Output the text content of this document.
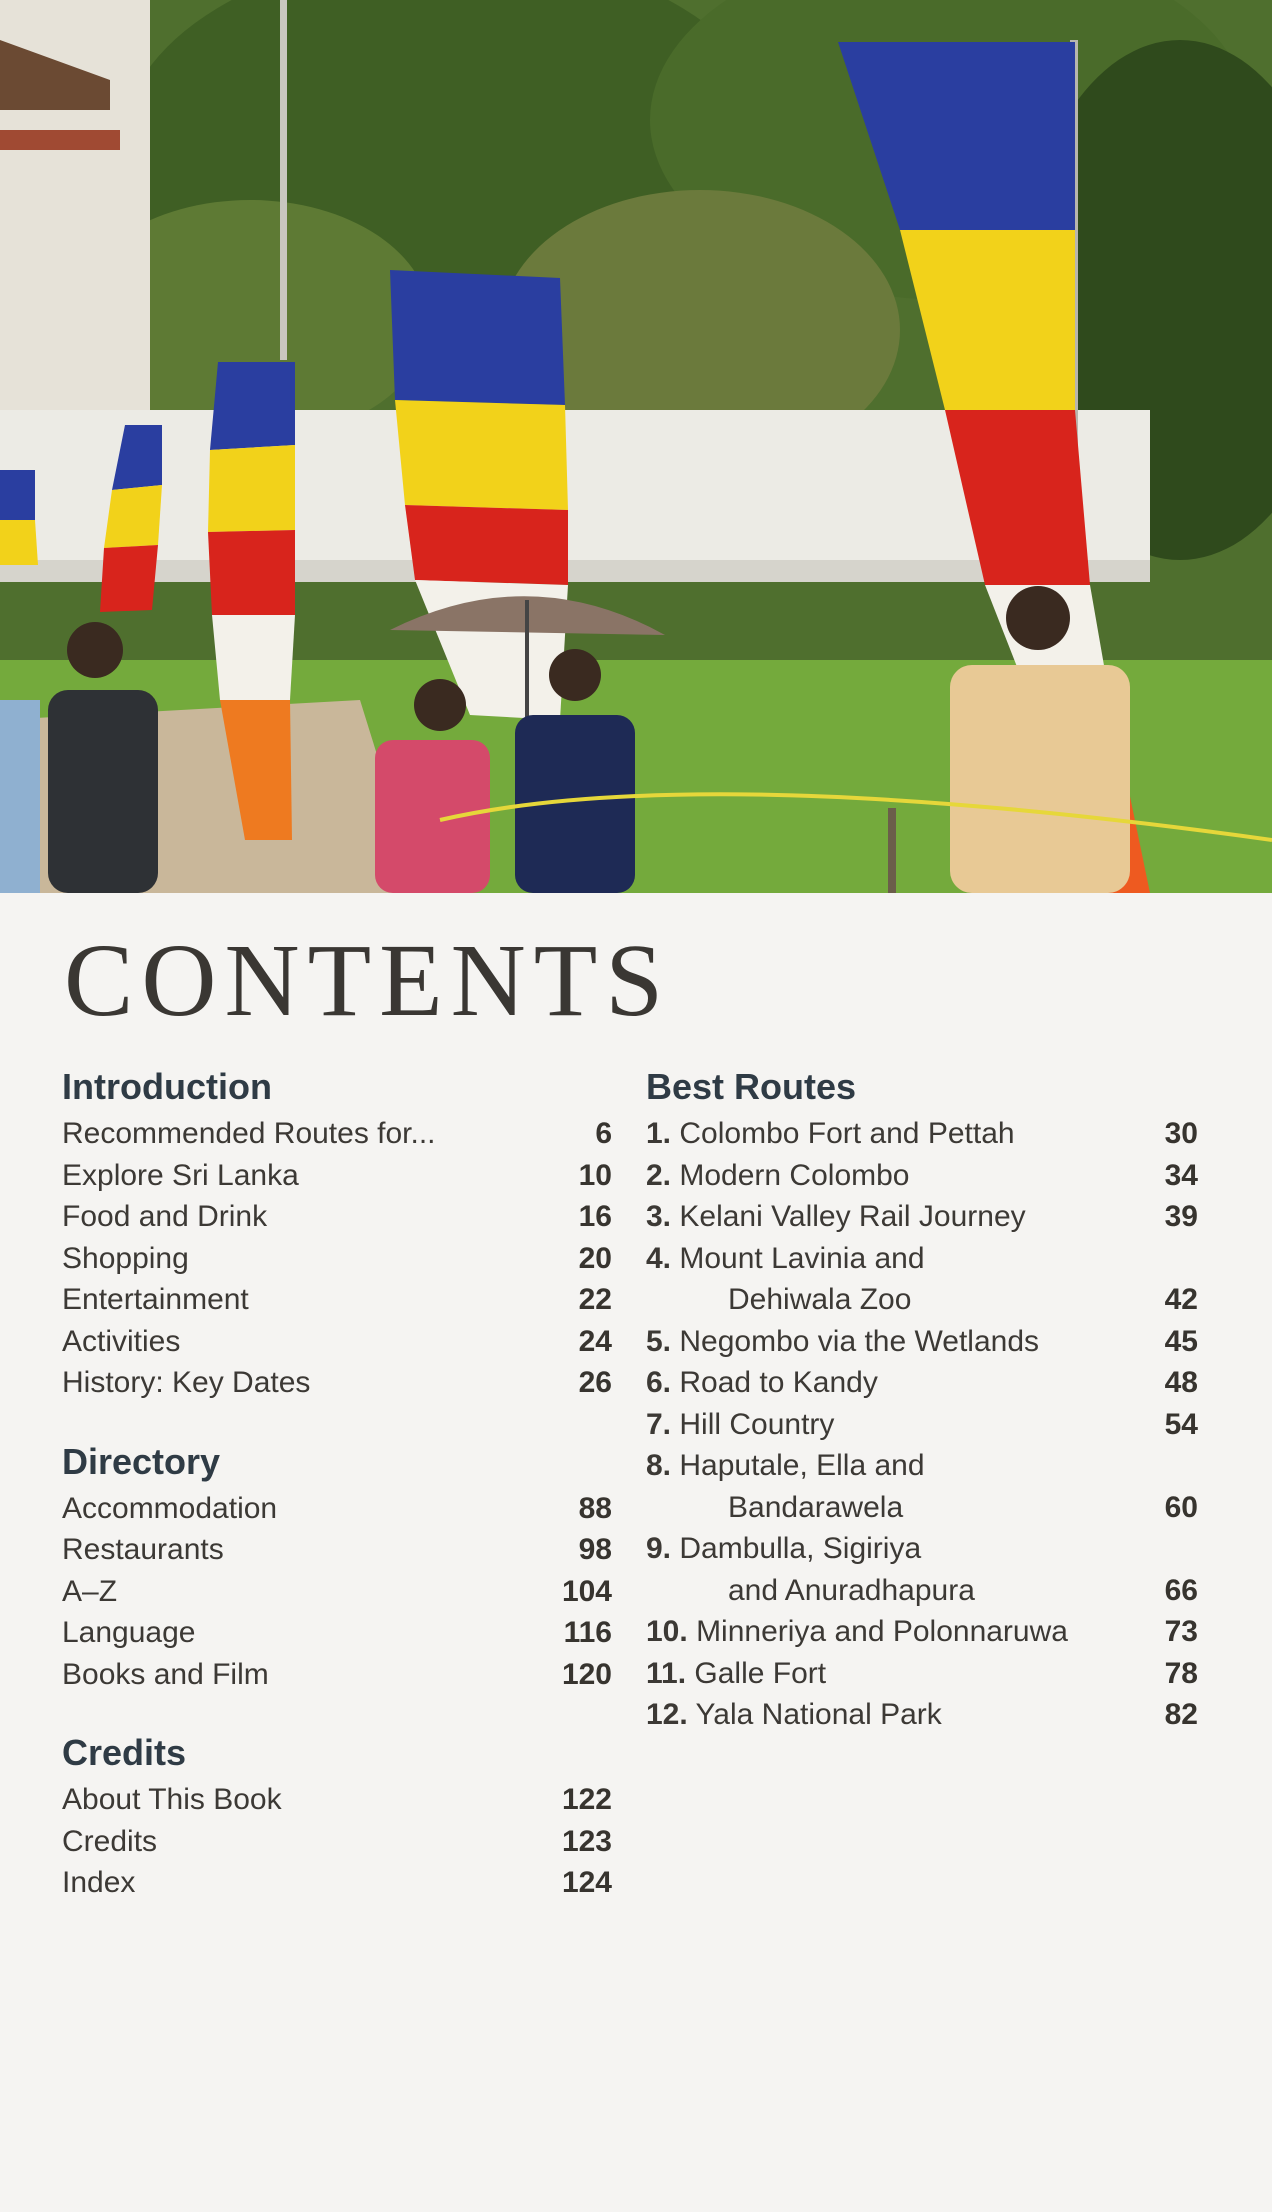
CONTENTS
Introduction
Recommended Routes for...	6
Explore Sri Lanka	10
Food and Drink	16
Shopping	20
Entertainment	22
Activities	24
History: Key Dates	26
Directory
Accommodation	88
Restaurants	98
A–Z	104
Language	116
Books and Film	120
Credits
About This Book	122
Credits	123
Index	124
Best Routes
1. Colombo Fort and Pettah	30
2. Modern Colombo	34
3. Kelani Valley Rail Journey	39
4. Mount Lavinia and
Dehiwala Zoo	42
5. Negombo via the Wetlands	45
6. Road to Kandy	48
7. Hill Country	54
8. Haputale, Ella and
Bandarawela	60
9. Dambulla, Sigiriya
and Anuradhapura	66
10. Minneriya and Polonnaruwa	73
11. Galle Fort	78
12. Yala National Park	82
